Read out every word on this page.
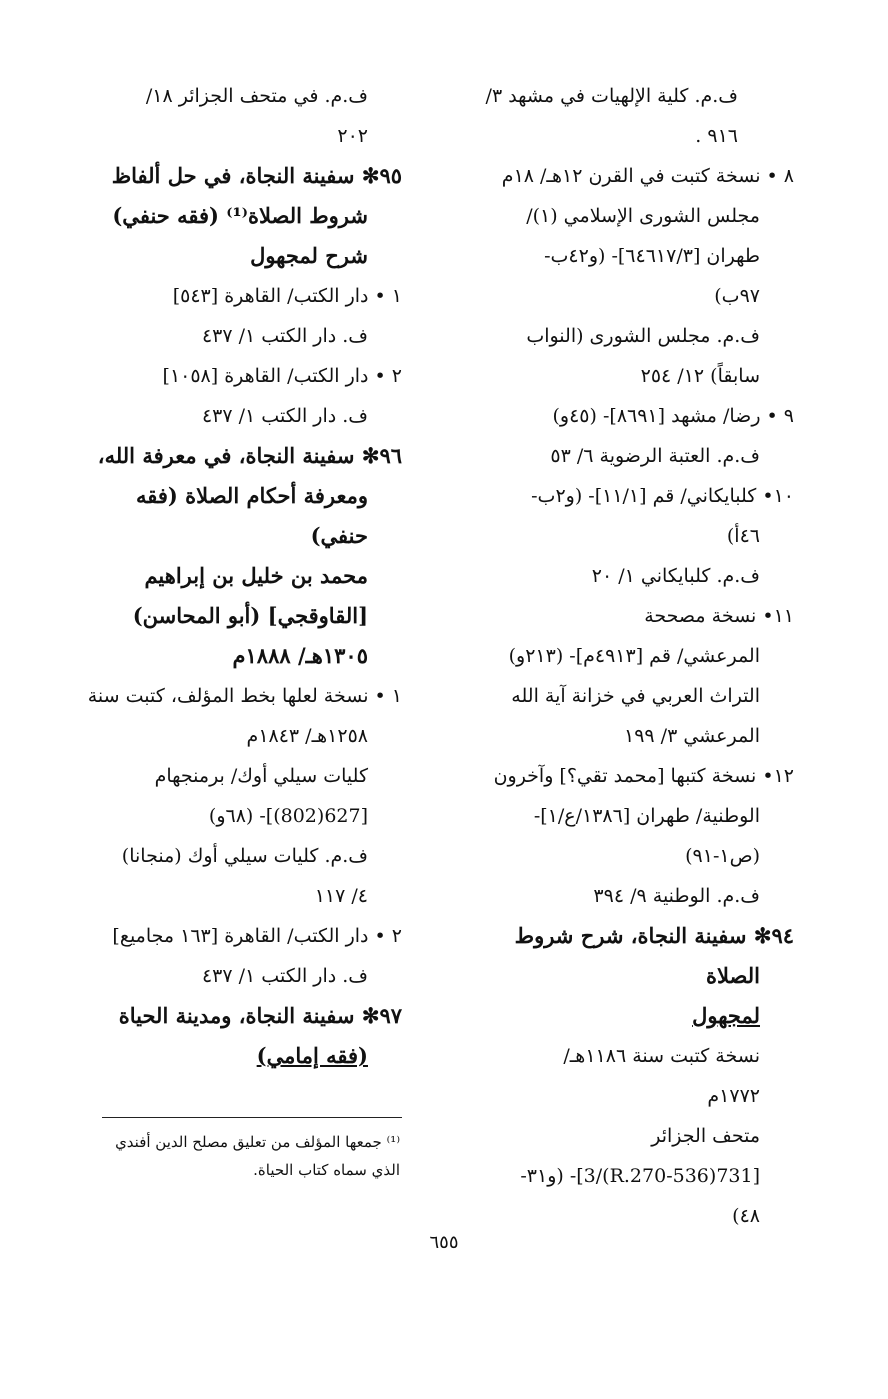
ف.م. كلية الإلهيات في مشهد ٣/
٩١٦ .
٨ • نسخة كتبت في القرن ١٢هـ/ ١٨م
مجلس الشورى الإسلامي (١)/
طهران [٦٤٦١٧/٣]- (و٤٢ب-
٩٧ب)
ف.م. مجلس الشورى (النواب
سابقاً) ١٢/ ٢٥٤
٩ • رضا/ مشهد [٨٦٩١]- (٤٥و)
ف.م. العتبة الرضوية ٦/ ٥٣
١٠• كلبايكاني/ قم [١١/١]- (و٢ب-
٤٦أ)
ف.م. كلبايكاني ١/ ٢٠
١١• نسخة مصححة
المرعشي/ قم [٤٩١٣م]- (٢١٣و)
التراث العربي في خزانة آية الله
المرعشي ٣/ ١٩٩
١٢• نسخة كتبها [محمد تقي؟] وآخرون
الوطنية/ طهران [١٣٨٦/ع/١]-
(ص١-٩١)
ف.م. الوطنية ٩/ ٣٩٤
٩٤✻ سفينة النجاة، شرح شروط
الصلاة
لمجهول
نسخة كتبت سنة ١١٨٦هـ/
١٧٧٢م
متحف الجزائر
[731(536-R.270)/3]- (و٣١-
٤٨)
ف.م. في متحف الجزائر ١٨/
٢٠٢
٩٥✻ سفينة النجاة، في حل ألفاظ
شروط الصلاة⁽¹⁾ (فقه حنفي)
شرح لمجهول
١ • دار الكتب/ القاهرة [٥٤٣]
ف. دار الكتب ١/ ٤٣٧
٢ • دار الكتب/ القاهرة [١٠٥٨]
ف. دار الكتب ١/ ٤٣٧
٩٦✻ سفينة النجاة، في معرفة الله،
ومعرفة أحكام الصلاة (فقه
حنفي)
محمد بن خليل بن إبراهيم
[القاوقجي] (أبو المحاسن)
١٣٠٥هـ/ ١٨٨٨م
١ • نسخة لعلها بخط المؤلف، كتبت سنة
١٢٥٨هـ/ ١٨٤٣م
كليات سيلي أوك/ برمنجهام
[627(802)]- (٦٨و)
ف.م. كليات سيلي أوك (منجانا)
٤/ ١١٧
٢ • دار الكتب/ القاهرة [١٦٣ مجاميع]
ف. دار الكتب ١/ ٤٣٧
٩٧✻ سفينة النجاة، ومدينة الحياة
(فقه إمامي)
⁽¹⁾ جمعها المؤلف من تعليق مصلح الدين أفندي
الذي سماه كتاب الحياة.
٦٥٥
